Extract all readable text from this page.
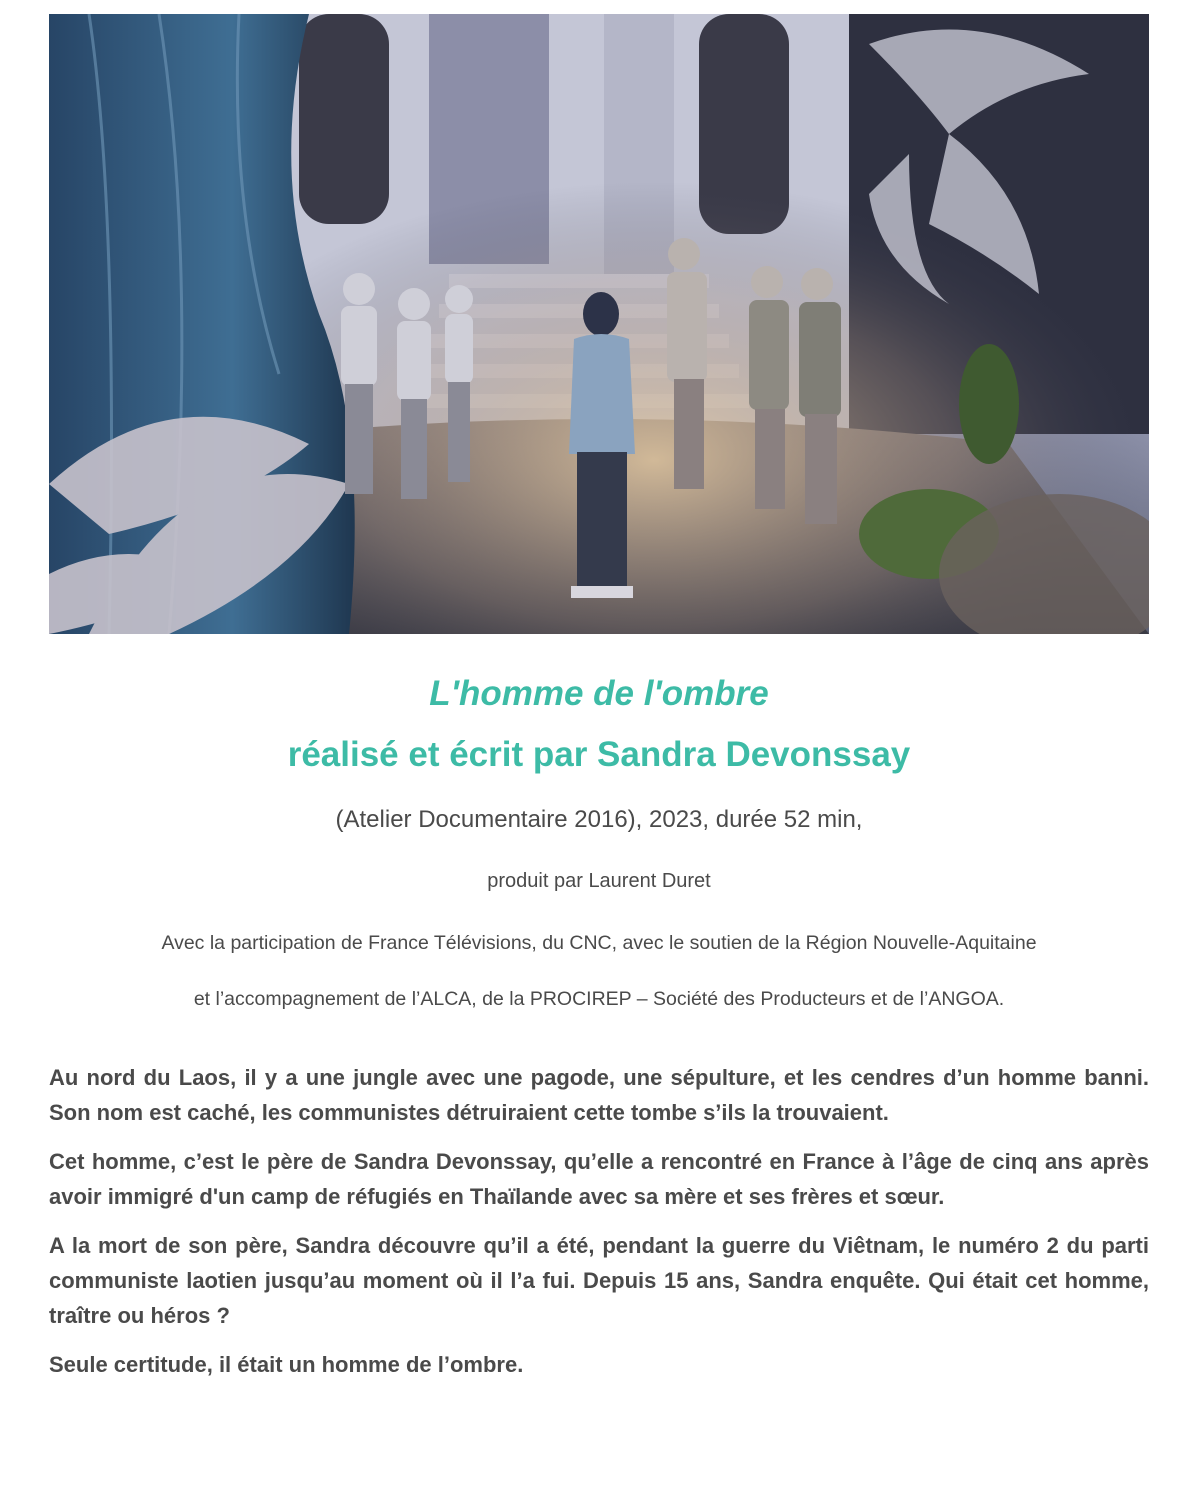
L'homme de l'ombre
réalisé et écrit par Sandra Devonssay
(Atelier Documentaire 2016), 2023, durée 52 min,
produit par Laurent Duret
Avec la participation de France Télévisions, du CNC, avec le soutien de la Région Nouvelle-Aquitaine
et l’accompagnement de l’ALCA, de la PROCIREP – Société des Producteurs et de l’ANGOA.

Au nord du Laos, il y a une jungle avec une pagode, une sépulture, et les cendres d’un homme banni. Son nom est caché, les communistes détruiraient cette tombe s’ils la trouvaient.

Cet homme, c’est le père de Sandra Devonssay, qu’elle a rencontré en France à l’âge de cinq ans après avoir immigré d'un camp de réfugiés en Thaïlande avec sa mère et ses frères et sœur.

A la mort de son père, Sandra découvre qu’il a été, pendant la guerre du Viêtnam, le numéro 2 du parti communiste laotien jusqu’au moment où il l’a fui. Depuis 15 ans, Sandra enquête. Qui était cet homme, traître ou héros ?

Seule certitude, il était un homme de l’ombre.
